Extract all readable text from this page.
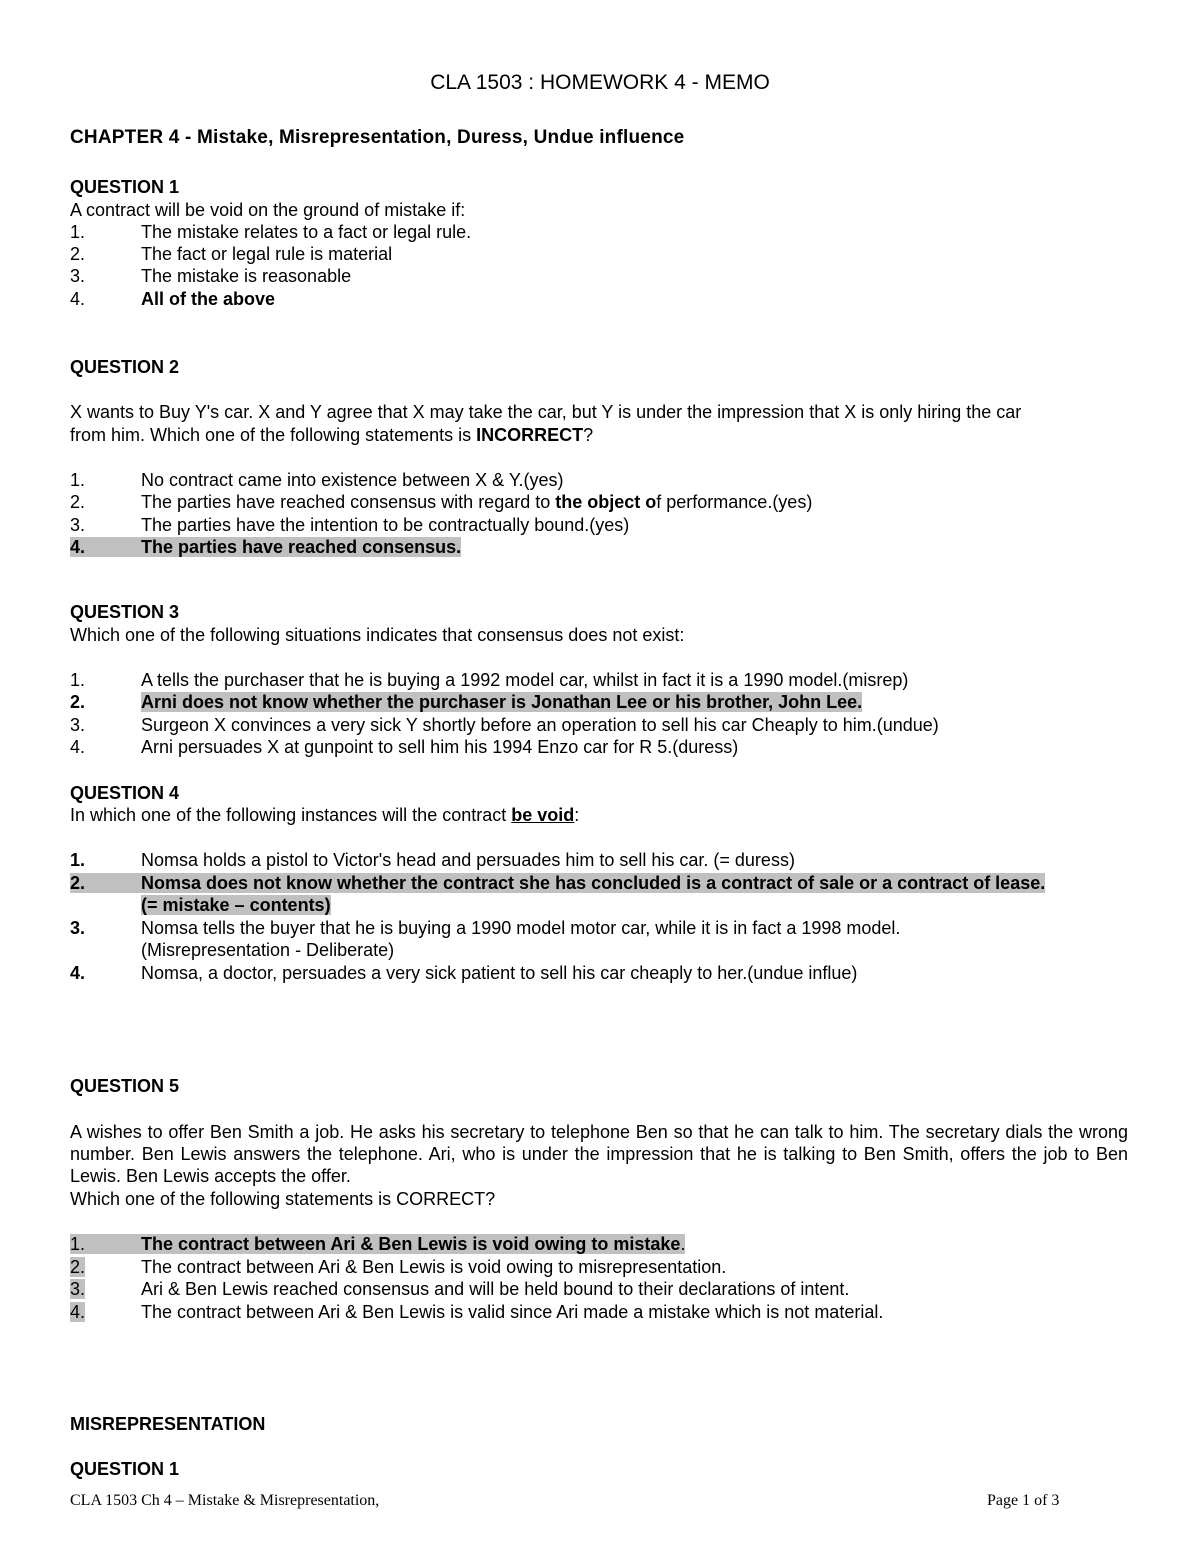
CLA 1503 : HOMEWORK 4 - MEMO
CHAPTER 4 - Mistake, Misrepresentation, Duress, Undue influence
QUESTION 1
A contract will be void on the ground of mistake if:
1.	The mistake relates to a fact or legal rule.
2.	The fact or legal rule is material
3.	The mistake is reasonable
4.	All of the above
QUESTION 2
X wants to Buy Y's car. X and Y agree that X may take the car, but Y is under the impression that X is only hiring the car
from him. Which one of the following statements is INCORRECT?
1.	No contract came into existence between X & Y.(yes)
2.	The parties have reached consensus with regard to the object of performance.(yes)
3.	The parties have the intention to be contractually bound.(yes)
4.	The parties have reached consensus.
QUESTION 3
Which one of the following situations indicates that consensus does not exist:
1.	A tells the purchaser that he is buying a 1992 model car, whilst in fact it is a 1990 model.(misrep)
2.	Arni does not know whether the purchaser is Jonathan Lee or his brother, John Lee.
3.	Surgeon X convinces a very sick Y shortly before an operation to sell his car Cheaply to him.(undue)
4.	Arni persuades X at gunpoint to sell him his 1994 Enzo car for R 5.(duress)
QUESTION 4
In which one of the following instances will the contract be void:
1.	Nomsa holds a pistol to Victor's head and persuades him to sell his car. (= duress)
2.	Nomsa does not know whether the contract she has concluded is a contract of sale or a contract of lease.
(= mistake – contents)
3.	Nomsa tells the buyer that he is buying a 1990 model motor car, while it is in fact a 1998 model.
(Misrepresentation - Deliberate)
4.	Nomsa, a doctor, persuades a very sick patient to sell his car cheaply to her.(undue influe)
QUESTION 5
A wishes to offer Ben Smith a job. He asks his secretary to telephone Ben so that he can talk to him. The secretary dials the wrong number. Ben Lewis answers the telephone. Ari, who is under the impression that he is talking to Ben Smith, offers the job to Ben Lewis. Ben Lewis accepts the offer.
Which one of the following statements is CORRECT?
1.	The contract between Ari & Ben Lewis is void owing to mistake.
2.	The contract between Ari & Ben Lewis is void owing to misrepresentation.
3.	Ari & Ben Lewis reached consensus and will be held bound to their declarations of intent.
4.	The contract between Ari & Ben Lewis is valid since Ari made a mistake which is not material.
MISREPRESENTATION
QUESTION 1
CLA 1503 Ch 4 – Mistake & Misrepresentation,	Page 1 of 3
